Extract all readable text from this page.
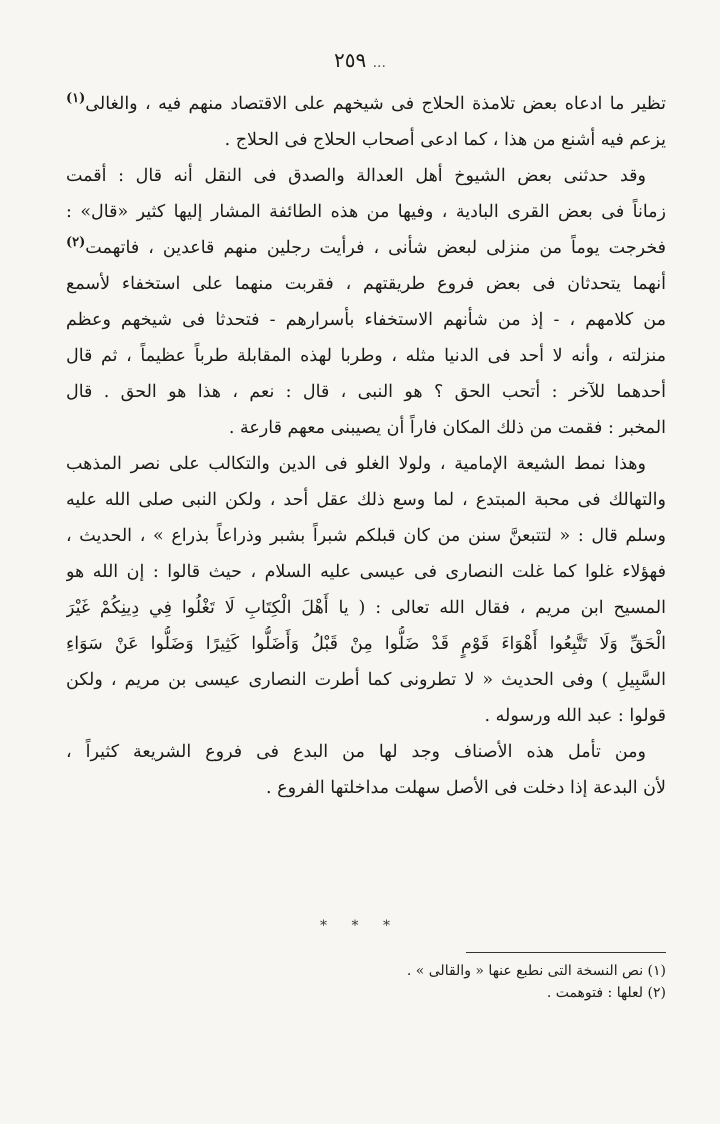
٢٥٩ ...
تظير ما ادعاه بعض تلامذة الحلاج فى شيخهم على الاقتصاد منهم فيه ، والغالى$^{(١)}$
يزعم فيه أشنع من هذا ، كما ادعى أصحاب الحلاج فى الحلاج .
وقد حدثنى بعض الشيوخ أهل العدالة والصدق فى النقل أنه قال : أقمت
زماناً فى بعض القرى البادية ، وفيها من هذه الطائفة المشار إليها كثير «قال» :
فخرجت يوماً من منزلى لبعض شأنى ، فرأيت رجلين منهم قاعدين ، فاتهمت$^{(٢)}$
أنهما يتحدثان فى بعض فروع طريقتهم ، فقربت منهما على استخفاء لأسمع
من كلامهم ، - إذ من شأنهم الاستخفاء بأسرارهم - فتحدثا فى شيخهم وعظم
منزلته ، وأنه لا أحد فى الدنيا مثله ، وطربا لهذه المقابلة طرباً عظيماً ، ثم قال
أحدهما للآخر : أتحب الحق ؟ هو النبى ، قال : نعم ، هذا هو الحق . قال
المخبر : فقمت من ذلك المكان فاراً أن يصيبنى معهم قارعة .
وهذا نمط الشيعة الإمامية ، ولولا الغلو فى الدين والتكالب على نصر المذهب
والتهالك فى محبة المبتدع ، لما وسع ذلك عقل أحد ، ولكن النبى صلى الله عليه
وسلم قال : « لتتبعنَّ سنن من كان قبلكم شبراً بشبر وذراعاً بذراع » ، الحديث ،
فهؤلاء غلوا كما غلت النصارى فى عيسى عليه السلام ، حيث قالوا : إن الله هو
المسيح ابن مريم ، فقال الله تعالى : ( يا أَهْلَ الْكِتَابِ لَا تَغْلُوا فِي دِينِكُمْ غَيْرَ
الْحَقِّ وَلَا تَتَّبِعُوا أَهْوَاءَ قَوْمٍ قَدْ ضَلُّوا مِنْ قَبْلُ وَأَضَلُّوا كَثِيرًا وَضَلُّوا عَنْ سَوَاءِ
السَّبِيلِ ) وفى الحديث « لا تطرونى كما أطرت النصارى عيسى بن مريم ، ولكن
قولوا : عبد الله ورسوله .
ومن تأمل هذه الأصناف وجد لها من البدع فى فروع الشريعة كثيراً ،
لأن البدعة إذا دخلت فى الأصل سهلت مداخلتها الفروع .
* * *
(١) نص النسخة التى نطبع عنها « والقالى » .
(٢) لعلها : فتوهمت .
